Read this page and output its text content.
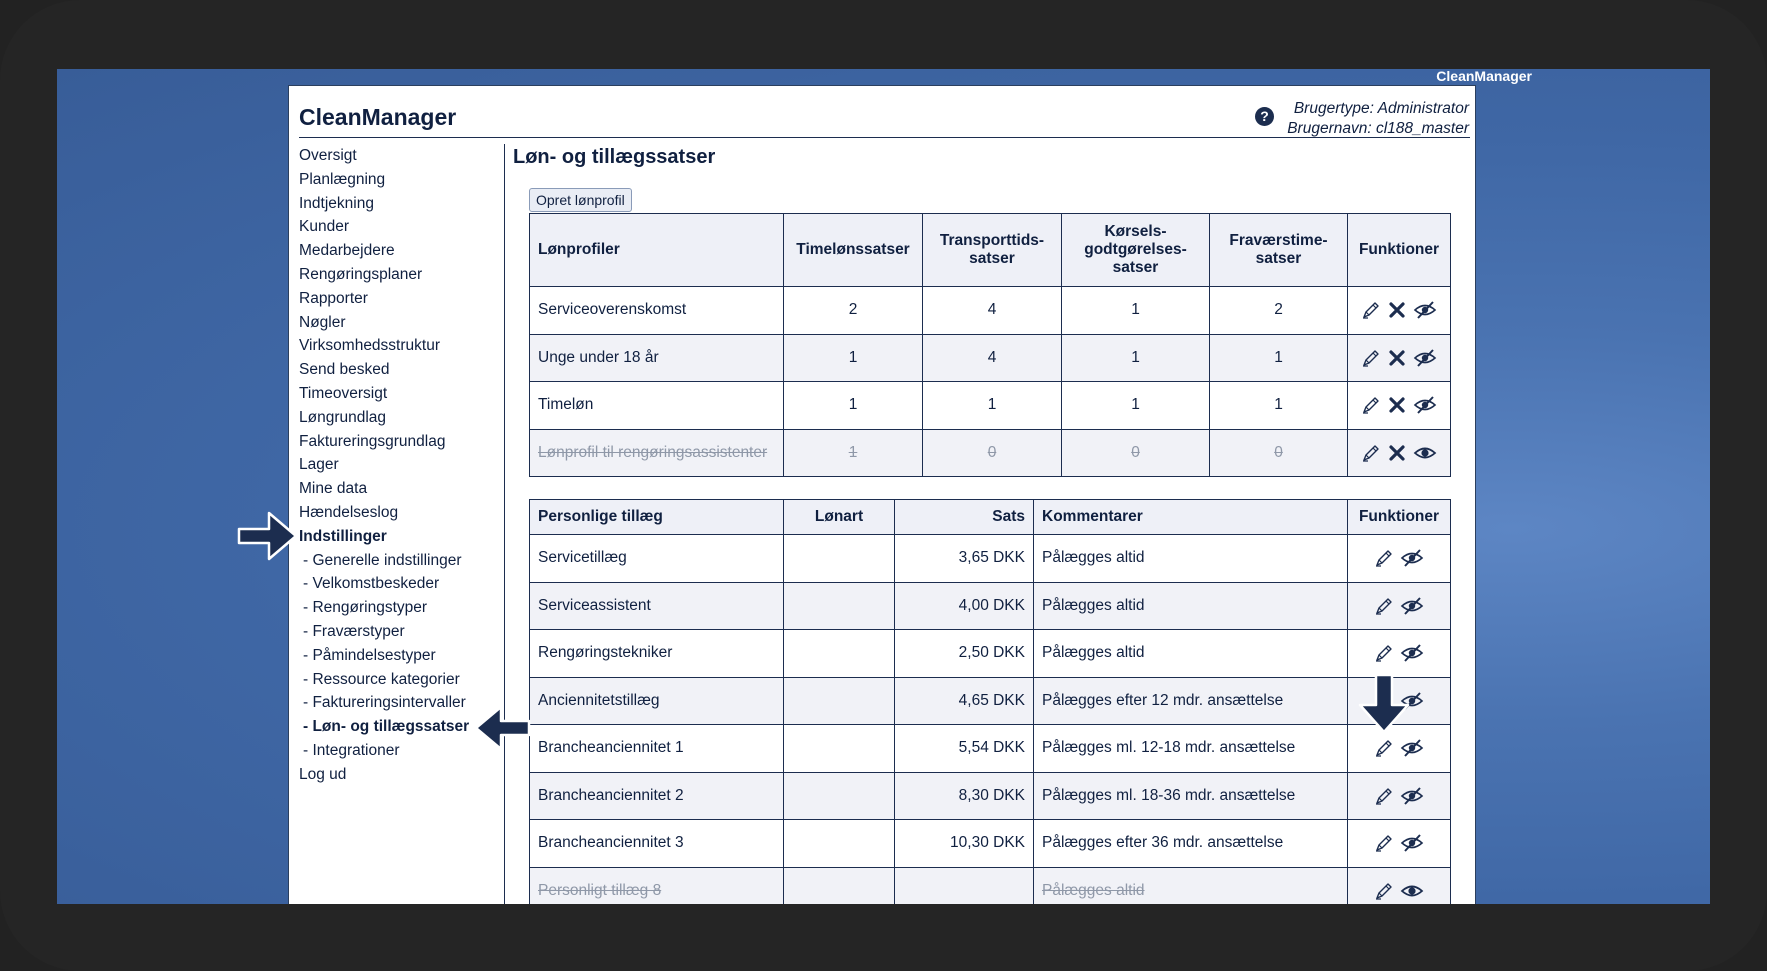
CleanManager
CleanManager	?	Brugertype: Administrator
Brugernavn: cl188_master
Oversigt
Planlægning
Indtjekning
Kunder
Medarbejdere
Rengøringsplaner
Rapporter
Nøgler
Virksomhedsstruktur
Send besked
Timeoversigt
Løngrundlag
Faktureringsgrundlag
Lager
Mine data
Hændelseslog
Indstillinger
- Generelle indstillinger
- Velkomstbeskeder
- Rengøringstyper
- Fraværstyper
- Påmindelsestyper
- Ressource kategorier
- Faktureringsintervaller
- Løn- og tillægssatser
- Integrationer
Log ud
Løn- og tillægssatser
Opret lønprofil
Lønprofiler	Timelønssatser	Transporttids-satser	Kørsels-godtgørelses-satser	Fraværstime-satser	Funktioner
Serviceoverenskomst	2	4	1	2	

Unge under 18 år	1	4	1	1	

Timeløn	1	1	1	1	

Lønprofil til rengøringsassistenter	1	0	0	0	
Personlige tillæg	Lønart	Sats	Kommentarer	Funktioner
Servicetillæg		3,65 DKK	Pålægges altid	

Serviceassistent		4,00 DKK	Pålægges altid	

Rengøringstekniker		2,50 DKK	Pålægges altid	

Anciennitetstillæg		4,65 DKK	Pålægges efter 12 mdr. ansættelse	

Brancheanciennitet 1		5,54 DKK	Pålægges ml. 12-18 mdr. ansættelse	

Brancheanciennitet 2		8,30 DKK	Pålægges ml. 18-36 mdr. ansættelse	

Brancheanciennitet 3		10,30 DKK	Pålægges efter 36 mdr. ansættelse	

Personligt tillæg 8			Pålægges altid	
